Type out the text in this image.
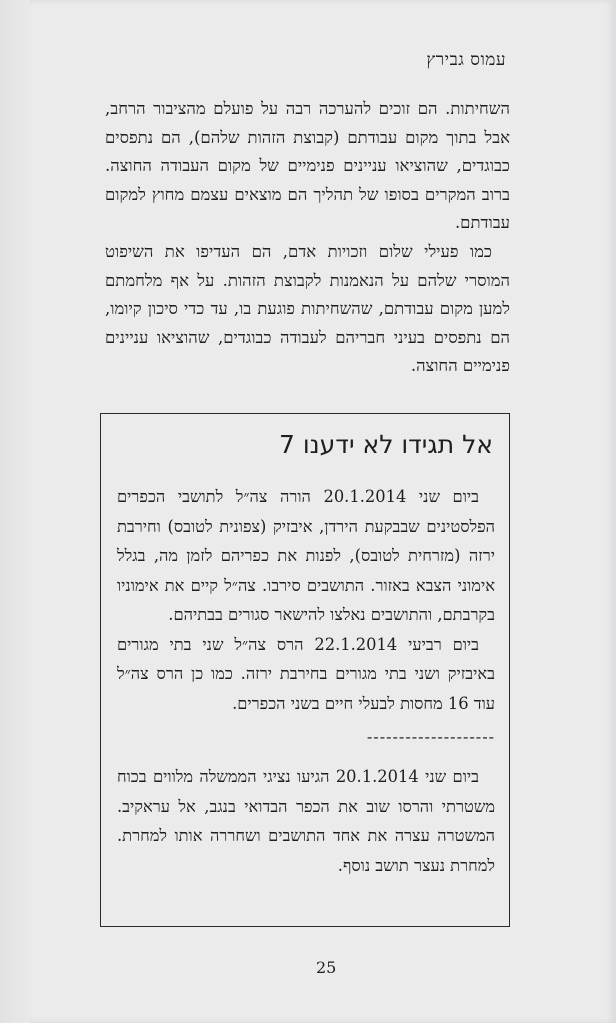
עמוס גבירץ

השחיתות. הם זוכים להערכה רבה על פועלם מהציבור הרחב, אבל בתוך מקום עבודתם (קבוצת הזהות שלהם), הם נתפסים כבוגדים, שהוציאו עניינים פנימיים של מקום העבודה החוצה. ברוב המקרים בסופו של תהליך הם מוצאים עצמם מחוץ למקום עבודתם.

כמו פעילי שלום וזכויות אדם, הם העדיפו את השיפוט המוסרי שלהם על הנאמנות לקבוצת הזהות. על אף מלחמתם למען מקום עבודתם, שהשחיתות פוגעת בו, עד כדי סיכון קיומו, הם נתפסים בעיני חבריהם לעבודה כבוגדים, שהוציאו עניינים פנימיים החוצה.

אל תגידו לא ידענו 7

ביום שני 20.1.2014 הורה צה״ל לתושבי הכפרים הפלסטינים שבבקעת הירדן, איבזיק (צפונית לטובס) וחירבת ירזה (מזרחית לטובס), לפנות את כפריהם לזמן מה, בגלל אימוני הצבא באזור. התושבים סירבו. צה״ל קיים את אימוניו בקרבתם, והתושבים נאלצו להישאר סגורים בבתיהם.

ביום רביעי 22.1.2014 הרס צה״ל שני בתי מגורים באיבזיק ושני בתי מגורים בחירבת ירזה. כמו כן הרס צה״ל עוד 16 מחסות לבעלי חיים בשני הכפרים.

--------------------

ביום שני 20.1.2014 הגיעו נציגי הממשלה מלווים בכוח משטרתי והרסו שוב את הכפר הבדואי בנגב, אל עראקיב. המשטרה עצרה את אחד התושבים ושחררה אותו למחרת. למחרת נעצר תושב נוסף.

25
